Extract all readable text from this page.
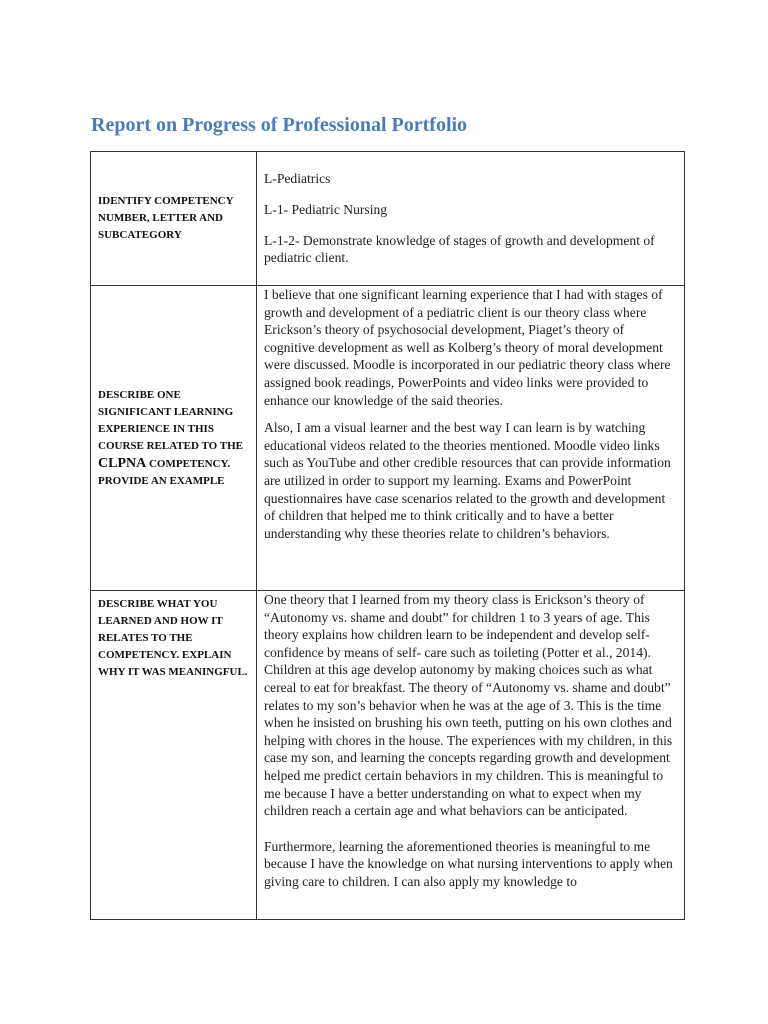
Report on Progress of Professional Portfolio
IDENTIFY COMPETENCY NUMBER, LETTER AND SUBCATEGORY	L-Pediatrics

L-1- Pediatric Nursing

L-1-2- Demonstrate knowledge of stages of growth and development of pediatric client.

DESCRIBE ONE SIGNIFICANT LEARNING EXPERIENCE IN THIS COURSE RELATED TO THE CLPNA COMPETENCY. PROVIDE AN EXAMPLE	I believe that one significant learning experience that I had with stages of growth and development of a pediatric client is our theory class where Erickson’s theory of psychosocial development, Piaget’s theory of cognitive development as well as Kolberg’s theory of moral development were discussed. Moodle is incorporated in our pediatric theory class where assigned book readings, PowerPoints and video links were provided to enhance our knowledge of the said theories.

Also, I am a visual learner and the best way I can learn is by watching educational videos related to the theories mentioned. Moodle video links such as YouTube and other credible resources that can provide information are utilized in order to support my learning. Exams and PowerPoint questionnaires have case scenarios related to the growth and development of children that helped me to think critically and to have a better understanding why these theories relate to children’s behaviors.

DESCRIBE WHAT YOU LEARNED AND HOW IT RELATES TO THE COMPETENCY. EXPLAIN WHY IT WAS MEANINGFUL.	One theory that I learned from my theory class is Erickson’s theory of “Autonomy vs. shame and doubt” for children 1 to 3 years of age. This theory explains how children learn to be independent and develop self-confidence by means of self- care such as toileting (Potter et al., 2014). Children at this age develop autonomy by making choices such as what cereal to eat for breakfast. The theory of “Autonomy vs. shame and doubt” relates to my son’s behavior when he was at the age of 3. This is the time when he insisted on brushing his own teeth, putting on his own clothes and helping with chores in the house. The experiences with my children, in this case my son, and learning the concepts regarding growth and development helped me predict certain behaviors in my children. This is meaningful to me because I have a better understanding on what to expect when my children reach a certain age and what behaviors can be anticipated.

Furthermore, learning the aforementioned theories is meaningful to me because I have the knowledge on what nursing interventions to apply when giving care to children. I can also apply my knowledge to
